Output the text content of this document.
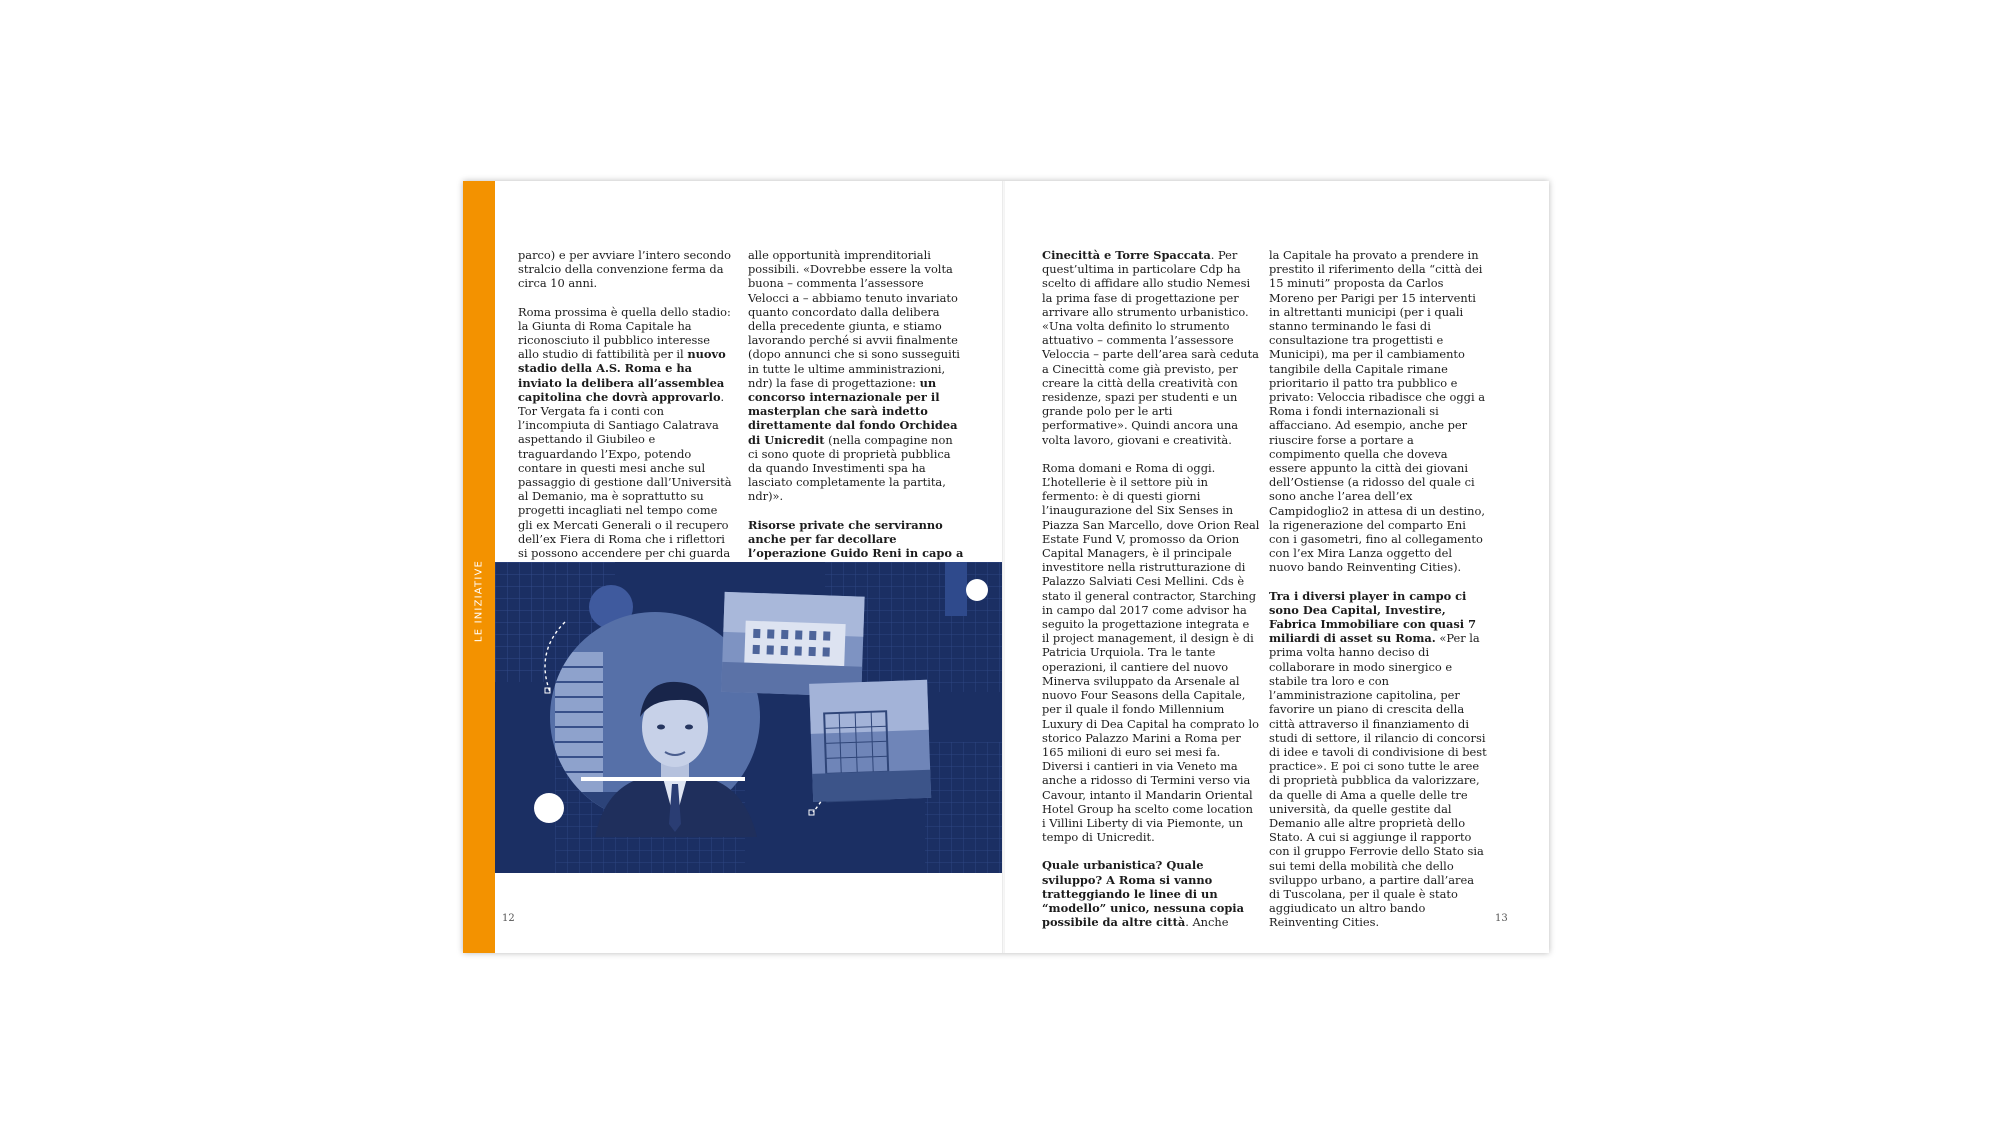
LE INIZIATIVE

parco) e per avviare l’intero secondo stralcio della convenzione ferma da circa 10 anni.

Roma prossima è quella dello stadio: la Giunta di Roma Capitale ha riconosciuto il pubblico interesse allo studio di fattibilità per il nuovo stadio della A.S. Roma e ha inviato la delibera all’assemblea capitolina che dovrà approvarlo. Tor Vergata fa i conti con l’incompiuta di Santiago Calatrava aspettando il Giubileo e traguardando l’Expo, potendo contare in questi mesi anche sul passaggio di gestione dall’Università al Demanio, ma è soprattutto su progetti incagliati nel tempo come gli ex Mercati Generali o il recupero dell’ex Fiera di Roma che i riflettori si possono accendere per chi guarda

alle opportunità imprenditoriali possibili. «Dovrebbe essere la volta buona – commenta l’assessore Velocci a – abbiamo tenuto invariato quanto concordato dalla delibera della precedente giunta, e stiamo lavorando perché si avvii finalmente (dopo annunci che si sono susseguiti in tutte le ultime amministrazioni, ndr) la fase di progettazione: un concorso internazionale per il masterplan che sarà indetto direttamente dal fondo Orchidea di Unicredit (nella compagine non ci sono quote di proprietà pubblica da quando Investimenti spa ha lasciato completamente la partita, ndr)».

Risorse private che serviranno anche per far decollare l’operazione Guido Reni in capo a

12

Cinecittà e Torre Spaccata. Per quest’ultima in particolare Cdp ha scelto di affidare allo studio Nemesi la prima fase di progettazione per arrivare allo strumento urbanistico. «Una volta definito lo strumento attuativo – commenta l’assessore Veloccia – parte dell’area sarà ceduta a Cinecittà come già previsto, per creare la città della creatività con residenze, spazi per studenti e un grande polo per le arti performative». Quindi ancora una volta lavoro, giovani e creatività.

Roma domani e Roma di oggi. L’hotellerie è il settore più in fermento: è di questi giorni l’inaugurazione del Six Senses in Piazza San Marcello, dove Orion Real Estate Fund V, promosso da Orion Capital Managers, è il principale investitore nella ristrutturazione di Palazzo Salviati Cesi Mellini. Cds è stato il general contractor, Starching in campo dal 2017 come advisor ha seguito la progettazione integrata e il project management, il design è di Patricia Urquiola. Tra le tante operazioni, il cantiere del nuovo Minerva sviluppato da Arsenale al nuovo Four Seasons della Capitale, per il quale il fondo Millennium Luxury di Dea Capital ha comprato lo storico Palazzo Marini a Roma per 165 milioni di euro sei mesi fa. Diversi i cantieri in via Veneto ma anche a ridosso di Termini verso via Cavour, intanto il Mandarin Oriental Hotel Group ha scelto come location i Villini Liberty di via Piemonte, un tempo di Unicredit.

Quale urbanistica? Quale sviluppo? A Roma si vanno tratteggiando le linee di un “modello” unico, nessuna copia possibile da altre città. Anche

la Capitale ha provato a prendere in prestito il riferimento della “città dei 15 minuti” proposta da Carlos Moreno per Parigi per 15 interventi in altrettanti municipi (per i quali stanno terminando le fasi di consultazione tra progettisti e Municipi), ma per il cambiamento tangibile della Capitale rimane prioritario il patto tra pubblico e privato: Veloccia ribadisce che oggi a Roma i fondi internazionali si affacciano. Ad esempio, anche per riuscire forse a portare a compimento quella che doveva essere appunto la città dei giovani dell’Ostiense (a ridosso del quale ci sono anche l’area dell’ex Campidoglio2 in attesa di un destino, la rigenerazione del comparto Eni con i gasometri, fino al collegamento con l’ex Mira Lanza oggetto del nuovo bando Reinventing Cities).

Tra i diversi player in campo ci sono Dea Capital, Investire, Fabrica Immobiliare con quasi 7 miliardi di asset su Roma. «Per la prima volta hanno deciso di collaborare in modo sinergico e stabile tra loro e con l’amministrazione capitolina, per favorire un piano di crescita della città attraverso il finanziamento di studi di settore, il rilancio di concorsi di idee e tavoli di condivisione di best practice». E poi ci sono tutte le aree di proprietà pubblica da valorizzare, da quelle di Ama a quelle delle tre università, da quelle gestite dal Demanio alle altre proprietà dello Stato. A cui si aggiunge il rapporto con il gruppo Ferrovie dello Stato sia sui temi della mobilità che dello sviluppo urbano, a partire dall’area di Tuscolana, per il quale è stato aggiudicato un altro bando Reinventing Cities.	13
